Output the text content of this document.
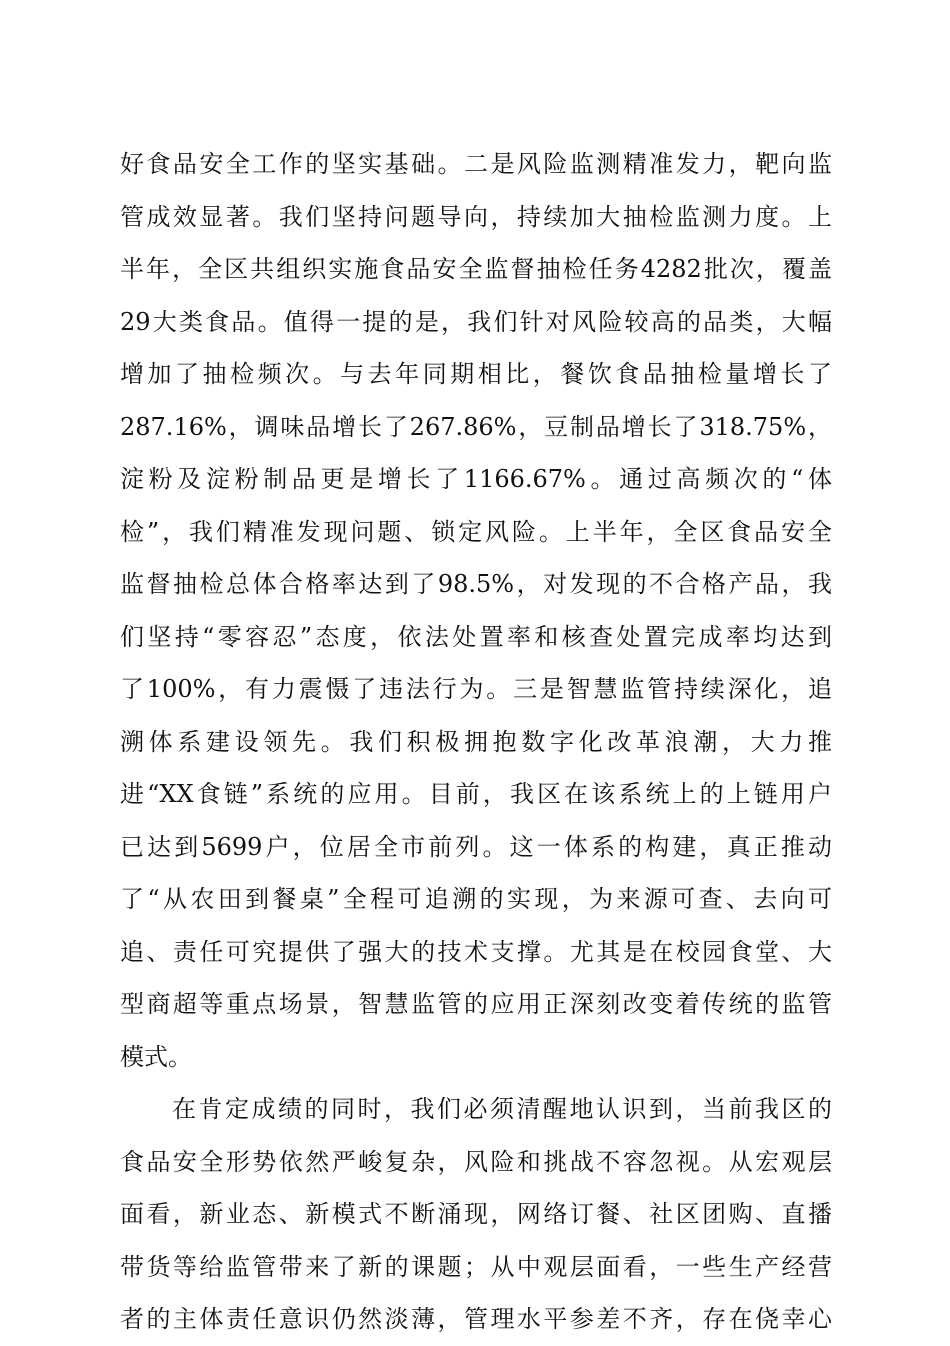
好食品安全工作的坚实基础。二是风险监测精准发力，靶向监
管成效显著。我们坚持问题导向，持续加大抽检监测力度。上
半年，全区共组织实施食品安全监督抽检任务4282批次，覆盖
29大类食品。值得一提的是，我们针对风险较高的品类，大幅
增加了抽检频次。与去年同期相比，餐饮食品抽检量增长了
287.16%，调味品增长了267.86%，豆制品增长了318.75%，
淀粉及淀粉制品更是增长了1166.67%。通过高频次的“体
检”，我们精准发现问题、锁定风险。上半年，全区食品安全
监督抽检总体合格率达到了98.5%，对发现的不合格产品，我
们坚持“零容忍”态度，依法处置率和核查处置完成率均达到
了100%，有力震慑了违法行为。三是智慧监管持续深化，追
溯体系建设领先。我们积极拥抱数字化改革浪潮，大力推
进“XX食链”系统的应用。目前，我区在该系统上的上链用户
已达到5699户，位居全市前列。这一体系的构建，真正推动
了“从农田到餐桌”全程可追溯的实现，为来源可查、去向可
追、责任可究提供了强大的技术支撑。尤其是在校园食堂、大
型商超等重点场景，智慧监管的应用正深刻改变着传统的监管
模式。
在肯定成绩的同时，我们必须清醒地认识到，当前我区的
食品安全形势依然严峻复杂，风险和挑战不容忽视。从宏观层
面看，新业态、新模式不断涌现，网络订餐、社区团购、直播
带货等给监管带来了新的课题；从中观层面看，一些生产经营
者的主体责任意识仍然淡薄，管理水平参差不齐，存在侥幸心
